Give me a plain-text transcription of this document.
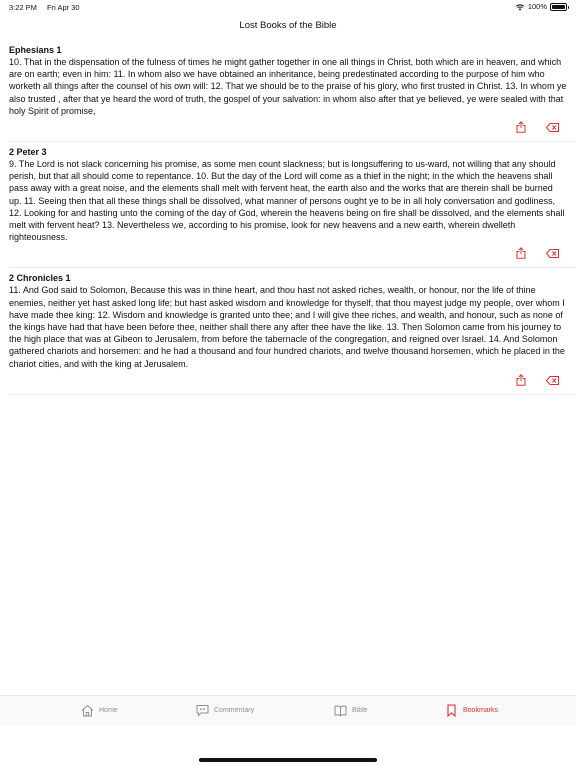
3:22 PM Fri Apr 30	100%
Lost Books of the Bible
Ephesians 1
10. That in the dispensation of the fulness of times he might gather together in one all things in Christ, both which are in heaven, and which are on earth; even in him: 11. In whom also we have obtained an inheritance, being predestinated according to the purpose of him who worketh all things after the counsel of his own will: 12. That we should be to the praise of his glory, who first trusted in Christ. 13. In whom ye also trusted , after that ye heard the word of truth, the gospel of your salvation: in whom also after that ye believed, ye were sealed with that holy Spirit of promise,
2 Peter 3
9. The Lord is not slack concerning his promise, as some men count slackness; but is longsuffering to us-ward, not willing that any should perish, but that all should come to repentance. 10. But the day of the Lord will come as a thief in the night; in the which the heavens shall pass away with a great noise, and the elements shall melt with fervent heat, the earth also and the works that are therein shall be burned up. 11. Seeing then that all these things shall be dissolved, what manner of persons ought ye to be in all holy conversation and godliness, 12. Looking for and hasting unto the coming of the day of God, wherein the heavens being on fire shall be dissolved, and the elements shall melt with fervent heat? 13. Nevertheless we, according to his promise, look for new heavens and a new earth, wherein dwelleth righteousness.
2 Chronicles 1
11. And God said to Solomon, Because this was in thine heart, and thou hast not asked riches, wealth, or honour, nor the life of thine enemies, neither yet hast asked long life; but hast asked wisdom and knowledge for thyself, that thou mayest judge my people, over whom I have made thee king: 12. Wisdom and knowledge is granted unto thee; and I will give thee riches, and wealth, and honour, such as none of the kings have had that have been before thee, neither shall there any after thee have the like. 13. Then Solomon came from his journey to the high place that was at Gibeon to Jerusalem, from before the tabernacle of the congregation, and reigned over Israel. 14. And Solomon gathered chariots and horsemen: and he had a thousand and four hundred chariots, and twelve thousand horsemen, which he placed in the chariot cities, and with the king at Jerusalem.
Home	Commentary	Bible	Bookmarks
